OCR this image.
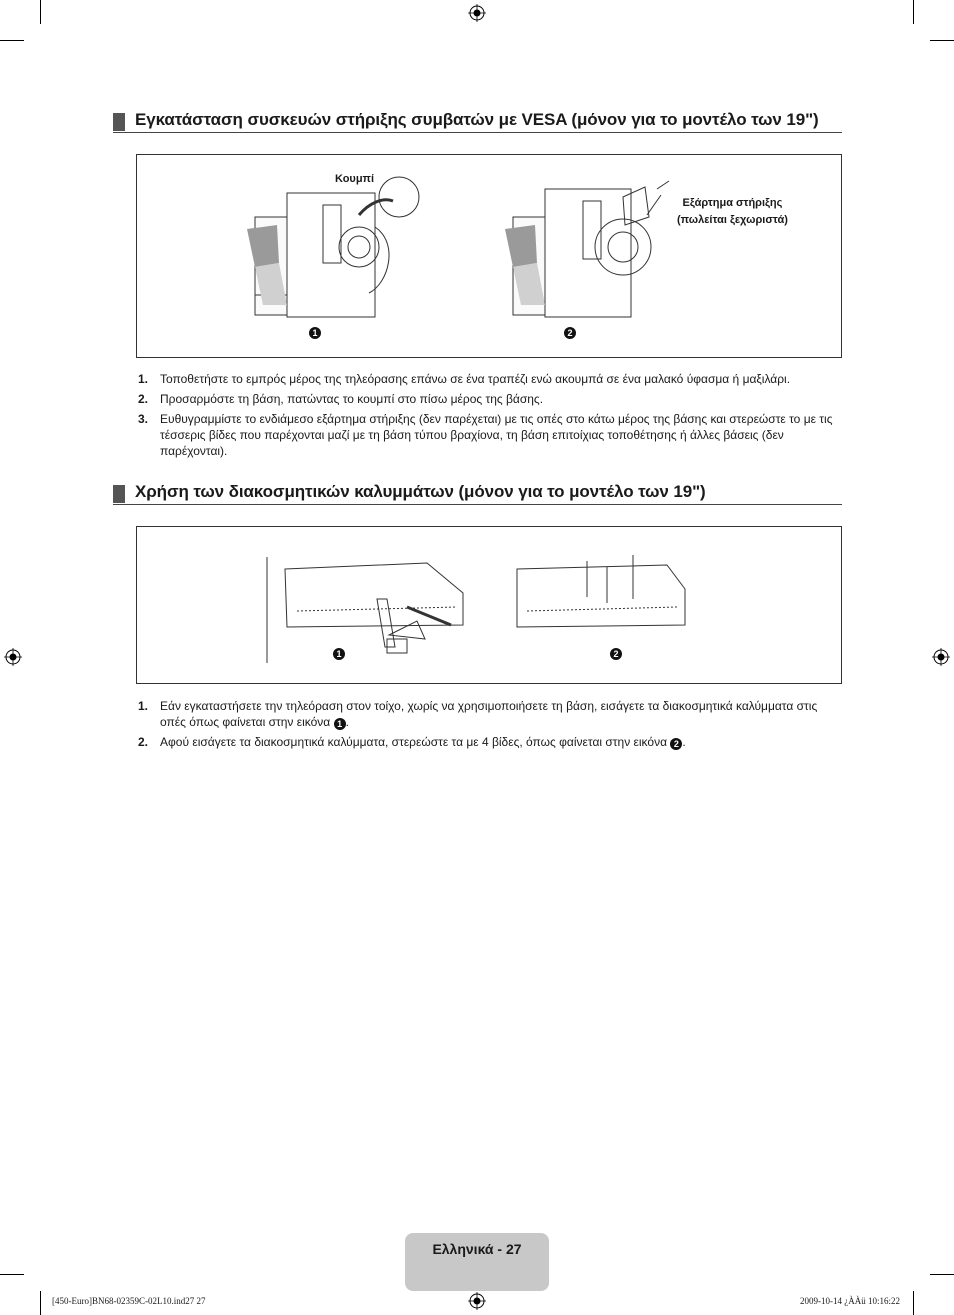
Εγκατάσταση συσκευών στήριξης συμβατών με VESA (μόνον για το μοντέλο των 19")
Κουμπί
Εξάρτημα στήριξης
(πωλείται ξεχωριστά)
1	2
1. Τοποθετήστε το εμπρός μέρος της τηλεόρασης επάνω σε ένα τραπέζι ενώ ακουμπά σε ένα μαλακό ύφασμα ή μαξιλάρι.
2. Προσαρμόστε τη βάση, πατώντας το κουμπί στο πίσω μέρος της βάσης.
3. Ευθυγραμμίστε το ενδιάμεσο εξάρτημα στήριξης (δεν παρέχεται) με τις οπές στο κάτω μέρος της βάσης και στερεώστε το με τις τέσσερις βίδες που παρέχονται μαζί με τη βάση τύπου βραχίονα, τη βάση επιτοίχιας τοποθέτησης ή άλλες βάσεις (δεν παρέχονται).
Χρήση των διακοσμητικών καλυμμάτων (μόνον για το μοντέλο των 19")
1	2
1. Εάν εγκαταστήσετε την τηλεόραση στον τοίχο, χωρίς να χρησιμοποιήσετε τη βάση, εισάγετε τα διακοσμητικά καλύμματα στις οπές όπως φαίνεται στην εικόνα 1 .
2. Αφού εισάγετε τα διακοσμητικά καλύμματα, στερεώστε τα με 4 βίδες, όπως φαίνεται στην εικόνα 2 .
Ελληνικά - 27
[450-Euro]BN68-02359C-02L10.ind27 27	2009-10-14 ¿ÀÀü 10:16:22
